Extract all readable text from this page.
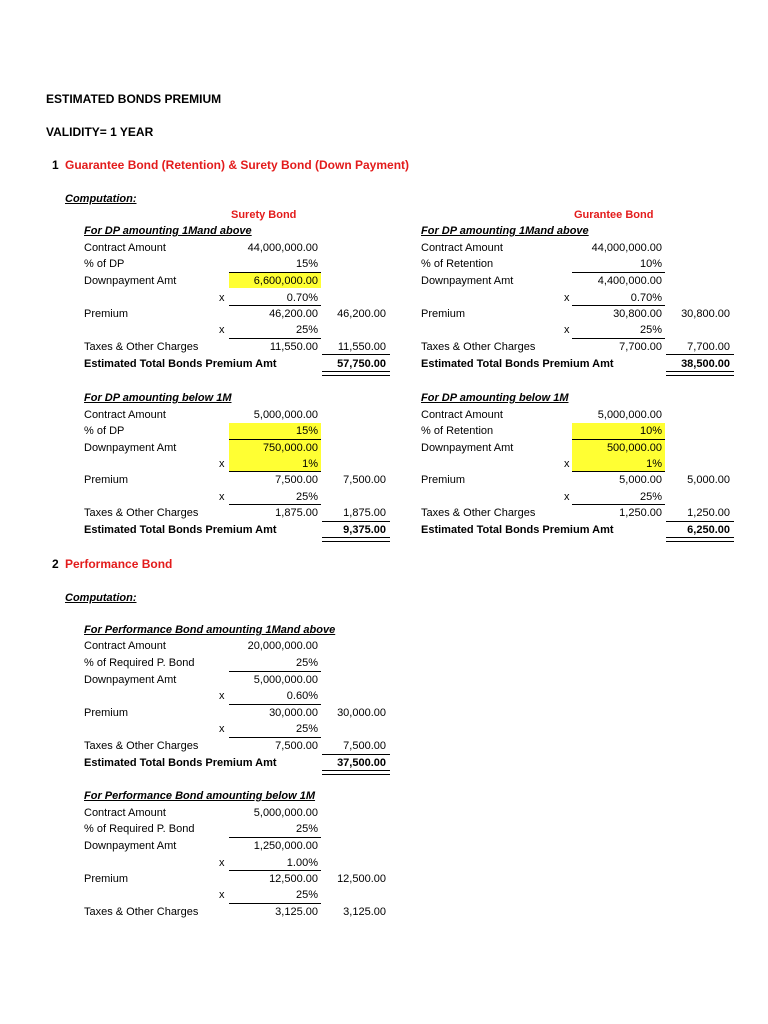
ESTIMATED BONDS PREMIUM
VALIDITY= 1 YEAR
1 Guarantee Bond (Retention) & Surety Bond (Down Payment)
Computation:
Surety Bond	Gurantee Bond
For DP amounting 1Mand above
Contract Amount	44,000,000.00
% of DP	15%
Downpayment Amt	6,600,000.00
x	0.70%
Premium	46,200.00	46,200.00
x	25%
Taxes & Other Charges	11,550.00	11,550.00
Estimated Total Bonds Premium Amt	57,750.00
For DP amounting below 1M
Contract Amount	5,000,000.00
% of DP	15%
Downpayment Amt	750,000.00
x	1%
Premium	7,500.00	7,500.00
x	25%
Taxes & Other Charges	1,875.00	1,875.00
Estimated Total Bonds Premium Amt	9,375.00
For DP amounting 1Mand above
Contract Amount	44,000,000.00
% of Retention	10%
Downpayment Amt	4,400,000.00
x	0.70%
Premium	30,800.00	30,800.00
x	25%
Taxes & Other Charges	7,700.00	7,700.00
Estimated Total Bonds Premium Amt	38,500.00
For DP amounting below 1M
Contract Amount	5,000,000.00
% of Retention	10%
Downpayment Amt	500,000.00
x	1%
Premium	5,000.00	5,000.00
x	25%
Taxes & Other Charges	1,250.00	1,250.00
Estimated Total Bonds Premium Amt	6,250.00
2 Performance Bond
Computation:
For Performance Bond amounting 1Mand above
Contract Amount	20,000,000.00
% of Required P. Bond	25%
Downpayment Amt	5,000,000.00
x	0.60%
Premium	30,000.00	30,000.00
x	25%
Taxes & Other Charges	7,500.00	7,500.00
Estimated Total Bonds Premium Amt	37,500.00
For Performance Bond amounting below 1M
Contract Amount	5,000,000.00
% of Required P. Bond	25%
Downpayment Amt	1,250,000.00
x	1.00%
Premium	12,500.00	12,500.00
x	25%
Taxes & Other Charges	3,125.00	3,125.00
